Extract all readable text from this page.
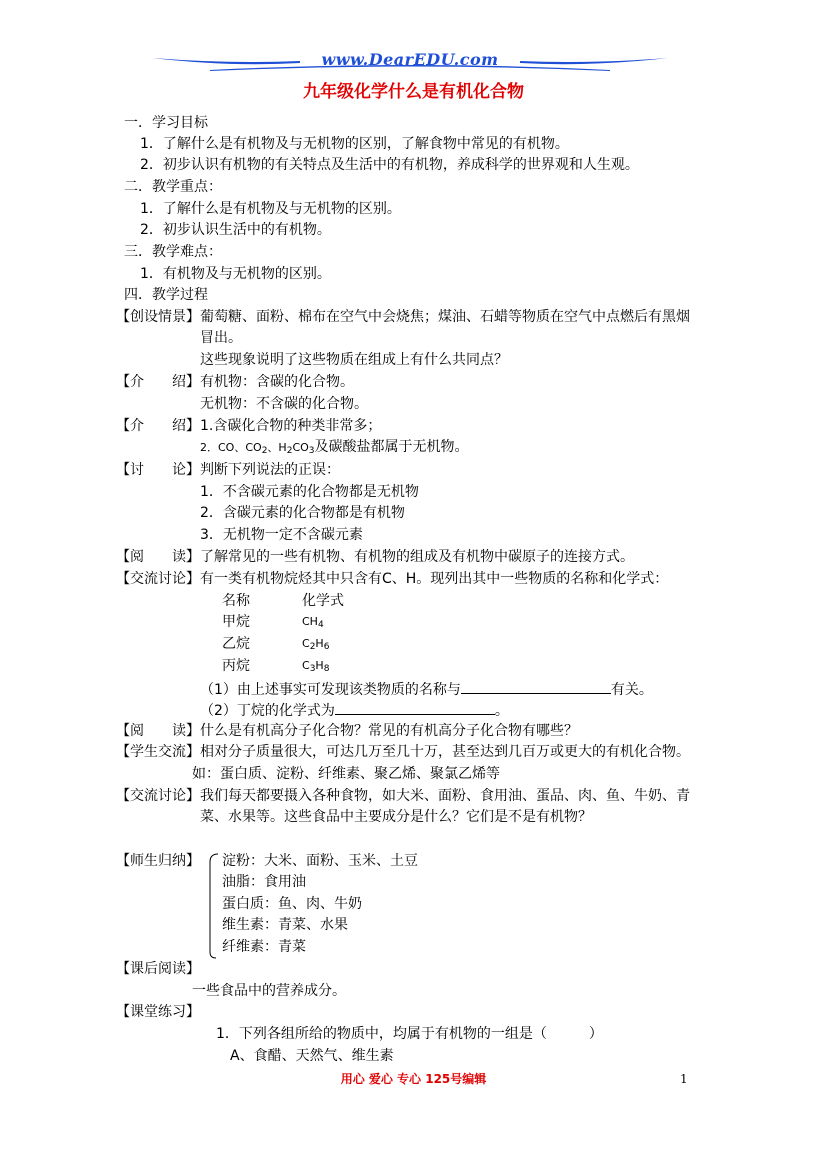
www.DearEDU.com
九年级化学什么是有机化合物
一．学习目标
1．了解什么是有机物及与无机物的区别，了解食物中常见的有机物。
2．初步认识有机物的有关特点及生活中的有机物，养成科学的世界观和人生观。
二．教学重点：
1．了解什么是有机物及与无机物的区别。
2．初步认识生活中的有机物。
三．教学难点：
1．有机物及与无机物的区别。
四．教学过程
【创设情景】 葡萄糖、面粉、棉布在空气中会烧焦；煤油、石蜡等物质在空气中点燃后有黑烟
冒出。
这些现象说明了这些物质在组成上有什么共同点？
【介　　绍】 有机物：含碳的化合物。
无机物：不含碳的化合物。
【介　　绍】 1.含碳化合物的种类非常多；
2．CO、$CO_2$、$H_2CO_3$及碳酸盐都属于无机物。
【讨　　论】 判断下列说法的正误：
1．不含碳元素的化合物都是无机物
2．含碳元素的化合物都是有机物
3．无机物一定不含碳元素
【阅　　读】 了解常见的一些有机物、有机物的组成及有机物中碳原子的连接方式。
【交流讨论】 有一类有机物烷烃其中只含有C、H。现列出其中一些物质的名称和化学式：
名称	化学式
甲烷	$CH_4$
乙烷	$C_2H_6$
丙烷	$C_3H_8$
（1）由上述事实可发现该类物质的名称与	有关。
（2）丁烷的化学式为	。
【阅　　读】 什么是有机高分子化合物？常见的有机高分子化合物有哪些？
【学生交流】 相对分子质量很大，可达几万至几十万，甚至达到几百万或更大的有机化合物。
如：蛋白质、淀粉、纤维素、聚乙烯、聚氯乙烯等
【交流讨论】 我们每天都要摄入各种食物，如大米、面粉、食用油、蛋品、肉、鱼、牛奶、青
菜、水果等。这些食品中主要成分是什么？它们是不是有机物？
【师生归纳】 淀粉：大米、面粉、玉米、土豆
油脂：食用油
蛋白质：鱼、肉、牛奶
维生素：青菜、水果
纤维素：青菜
【课后阅读】
一些食品中的营养成分。
【课堂练习】
1．下列各组所给的物质中，均属于有机物的一组是（　　　）
A、食醋、天然气、维生素
用心 爱心 专心 125号编辑	1
